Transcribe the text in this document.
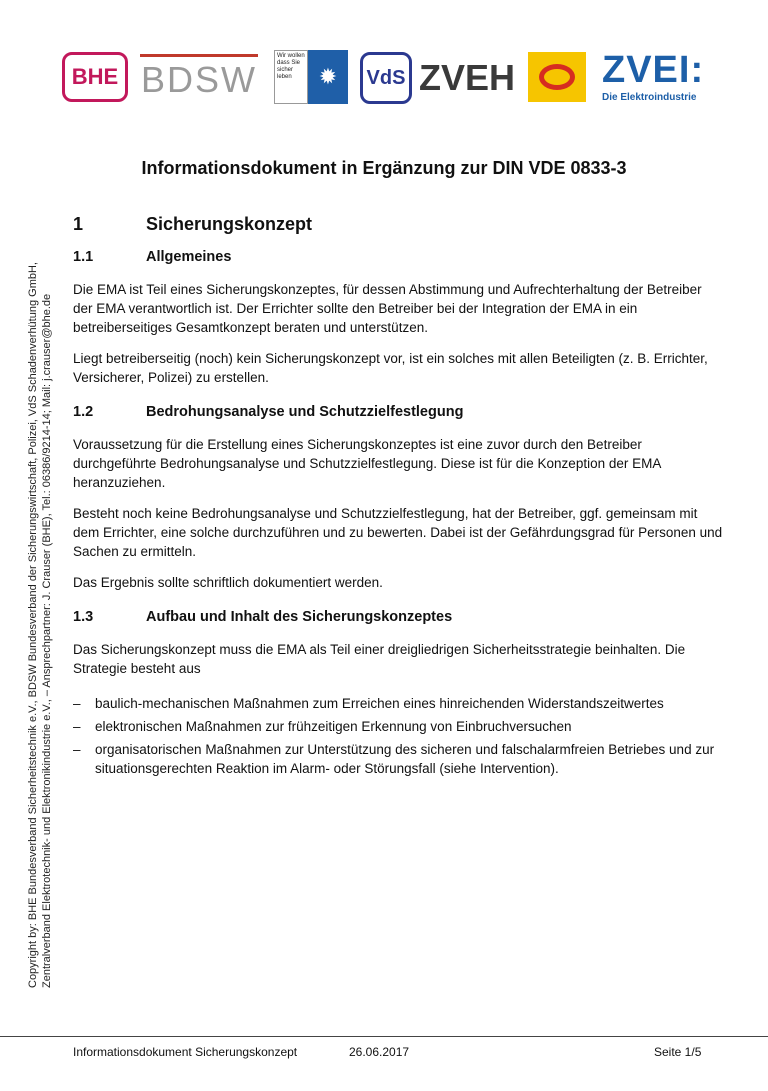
BHE BDSW
Wir wollen dass Sie sicher leben	✹	VdS ZVEH ZVEI:
Die Elektroindustrie
Copyright by: BHE Bundesverband Sicherheitstechnik e.V., BDSW Bundesverband der Sicherungswirtschaft, Polizei, VdS Schadenverhütung GmbH, Zentralverband Elektrotechnik- und Elektronikindustrie e.V., – Ansprechpartner: J. Crauser (BHE), Tel.: 06386/9214-14; Mail: j.crauser@bhe.de
Informationsdokument in Ergänzung zur DIN VDE 0833-3
1	Sicherungskonzept
1.1	Allgemeines

Die EMA ist Teil eines Sicherungskonzeptes, für dessen Abstimmung und Aufrechterhaltung der Betreiber der EMA verantwortlich ist. Der Errichter sollte den Betreiber bei der Integration der EMA in ein betreiberseitiges Gesamtkonzept beraten und unterstützen.

Liegt betreiberseitig (noch) kein Sicherungskonzept vor, ist ein solches mit allen Beteiligten (z. B. Errichter, Versicherer, Polizei) zu erstellen.

1.2	Bedrohungsanalyse und Schutzzielfestlegung

Voraussetzung für die Erstellung eines Sicherungskonzeptes ist eine zuvor durch den Betreiber durchgeführte Bedrohungsanalyse und Schutzzielfestlegung. Diese ist für die Konzeption der EMA heranzuziehen.

Besteht noch keine Bedrohungsanalyse und Schutzzielfestlegung, hat der Betreiber, ggf. gemeinsam mit dem Errichter, eine solche durchzuführen und zu bewerten. Dabei ist der Gefährdungsgrad für Personen und Sachen zu ermitteln.

Das Ergebnis sollte schriftlich dokumentiert werden.

1.3	Aufbau und Inhalt des Sicherungskonzeptes

Das Sicherungskonzept muss die EMA als Teil einer dreigliedrigen Sicherheitsstrategie beinhalten. Die Strategie besteht aus

–	baulich-mechanischen Maßnahmen zum Erreichen eines hinreichenden Widerstandszeitwertes
–	elektronischen Maßnahmen zur frühzeitigen Erkennung von Einbruchversuchen
–	organisatorischen Maßnahmen zur Unterstützung des sicheren und falschalarmfreien Betriebes und zur situationsgerechten Reaktion im Alarm- oder Störungsfall (siehe Intervention).
Informationsdokument Sicherungskonzept	26.06.2017	Seite 1/5
